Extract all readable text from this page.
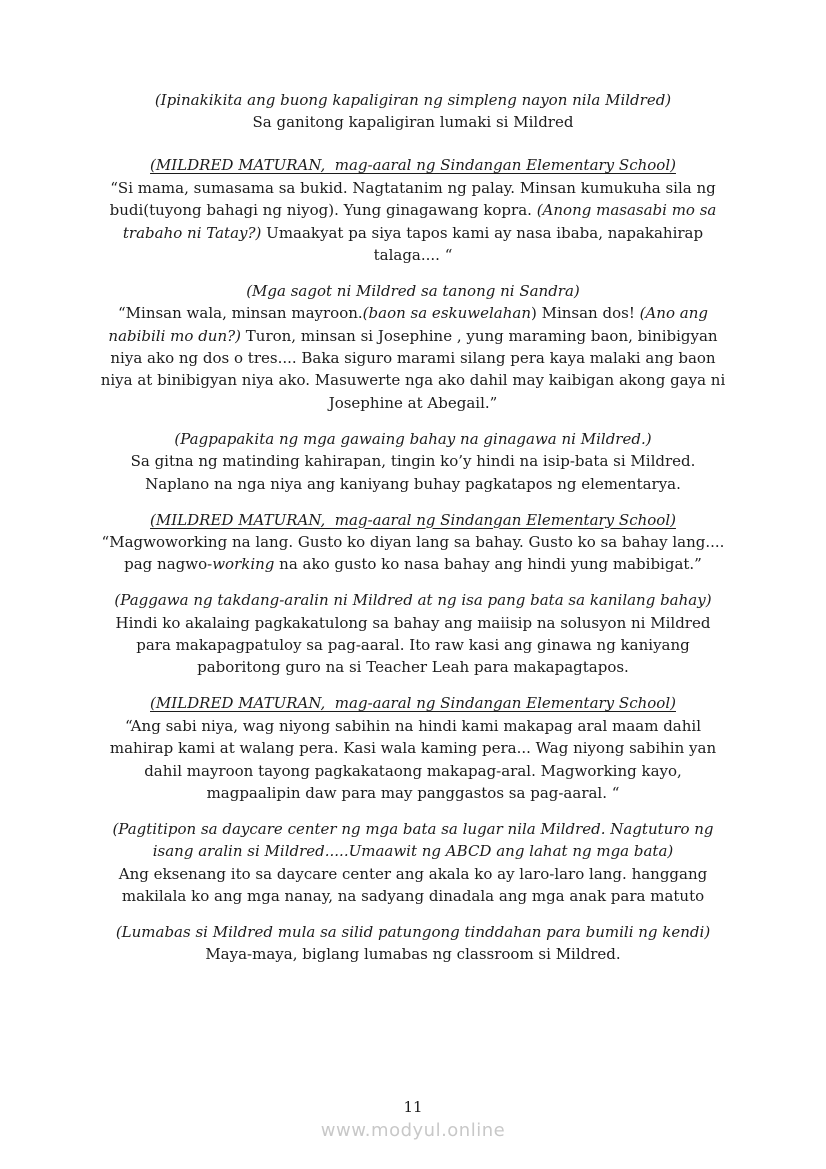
(Ipinakikita ang buong kapaligiran ng simpleng nayon nila Mildred)

Sa ganitong kapaligiran lumaki si Mildred

(MILDRED MATURAN,  mag-aaral ng Sindangan Elementary School)

“Si mama, sumasama sa bukid. Nagtatanim ng palay. Minsan kumukuha sila ng budi(tuyong bahagi ng niyog). Yung ginagawang kopra. (Anong masasabi mo sa trabaho ni Tatay?) Umaakyat pa siya tapos kami ay nasa ibaba, napakahirap talaga.... “

(Mga sagot ni Mildred sa tanong ni Sandra)

“Minsan wala, minsan mayroon.(baon sa eskuwelahan) Minsan dos! (Ano ang nabibili mo dun?) Turon, minsan si Josephine , yung maraming baon, binibigyan niya ako ng dos o tres.... Baka siguro marami silang pera kaya malaki ang baon niya at binibigyan niya ako. Masuwerte nga ako dahil may kaibigan akong gaya ni Josephine at Abegail.”

(Pagpapakita ng mga gawaing bahay na ginagawa ni Mildred.)

Sa gitna ng matinding kahirapan, tingin ko’y hindi na isip-bata si Mildred. Naplano na nga niya ang kaniyang buhay pagkatapos ng elementarya.

(MILDRED MATURAN,  mag-aaral ng Sindangan Elementary School)

“Magwoworking na lang. Gusto ko diyan lang sa bahay. Gusto ko sa bahay lang.... pag nagwo-working na ako gusto ko nasa bahay ang hindi yung mabibigat.”

(Paggawa ng takdang-aralin ni Mildred at ng isa pang bata sa kanilang bahay)

Hindi ko akalaing pagkakatulong sa bahay ang maiisip na solusyon ni Mildred para makapagpatuloy sa pag-aaral. Ito raw kasi ang ginawa ng kaniyang paboritong guro na si Teacher Leah para makapagtapos.

(MILDRED MATURAN,  mag-aaral ng Sindangan Elementary School)

“Ang sabi niya, wag niyong sabihin na hindi kami makapag aral maam dahil mahirap kami at walang pera. Kasi wala kaming pera... Wag niyong sabihin yan dahil mayroon tayong pagkakataong makapag-aral. Magworking kayo, magpaalipin daw para may panggastos sa pag-aaral. “

(Pagtitipon sa daycare center ng mga bata sa lugar nila Mildred. Nagtuturo ng isang aralin si Mildred.....Umaawit ng ABCD ang lahat ng mga bata)

Ang eksenang ito sa daycare center ang akala ko ay laro-laro lang. hanggang makilala ko ang mga nanay, na sadyang dinadala ang mga anak para matuto

(Lumabas si Mildred mula sa silid patungong tinddahan para bumili ng kendi)

Maya-maya, biglang lumabas ng classroom si Mildred.

11
www.modyul.online
